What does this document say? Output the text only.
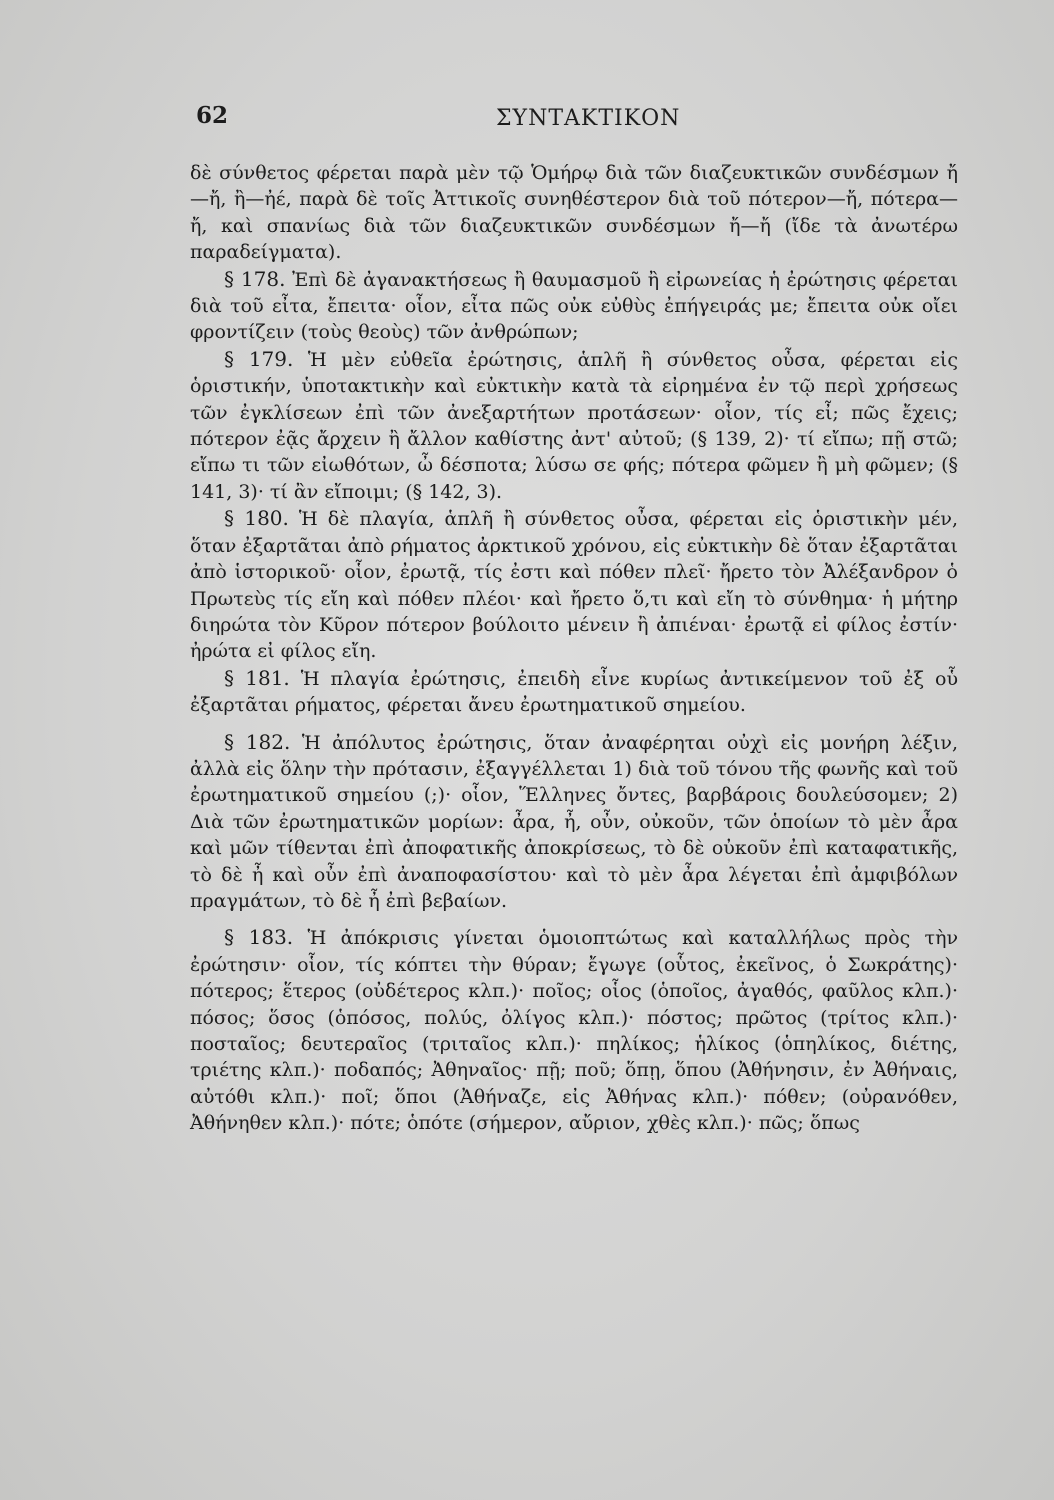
62	ΣΥΝΤΑΚΤΙΚΟΝ

δὲ σύνθετος φέρεται παρὰ μὲν τῷ Ὁμήρῳ διὰ τῶν διαζευκτικῶν συνδέσμων ἤ—ἤ, ἢ—ἠέ, παρὰ δὲ τοῖς Ἀττικοῖς συνηθέστερον διὰ τοῦ πότερον—ἤ, πότερα—ἤ, καὶ σπανίως διὰ τῶν διαζευκτικῶν συνδέσμων ἤ—ἤ (ἴδε τὰ ἀνωτέρω παραδείγματα).

§ 178. Ἐπὶ δὲ ἀγανακτήσεως ἢ θαυμασμοῦ ἢ εἰρωνείας ἡ ἐρώτησις φέρεται διὰ τοῦ εἶτα, ἔπειτα· οἷον, εἶτα πῶς οὐκ εὐθὺς ἐπήγειράς με; ἔπειτα οὐκ οἴει φροντίζειν (τοὺς θεοὺς) τῶν ἀνθρώπων;

§ 179. Ἡ μὲν εὐθεῖα ἐρώτησις, ἁπλῆ ἢ σύνθετος οὖσα, φέρεται εἰς ὁριστικήν, ὑποτακτικὴν καὶ εὐκτικὴν κατὰ τὰ εἰρημένα ἐν τῷ περὶ χρήσεως τῶν ἐγκλίσεων ἐπὶ τῶν ἀνεξαρτήτων προτάσεων· οἷον, τίς εἶ; πῶς ἔχεις; πότερον ἐᾷς ἄρχειν ἢ ἄλλον καθίστης ἀντ' αὐτοῦ; (§ 139, 2)· τί εἴπω; πῇ στῶ; εἴπω τι τῶν εἰωθότων, ὦ δέσποτα; λύσω σε φής; πότερα φῶμεν ἢ μὴ φῶμεν; (§ 141, 3)· τί ἂν εἴποιμι; (§ 142, 3).

§ 180. Ἡ δὲ πλαγία, ἁπλῆ ἢ σύνθετος οὖσα, φέρεται εἰς ὁριστικὴν μέν, ὅταν ἐξαρτᾶται ἀπὸ ρήματος ἀρκτικοῦ χρόνου, εἰς εὐκτικὴν δὲ ὅταν ἐξαρτᾶται ἀπὸ ἱστορικοῦ· οἷον, ἐρωτᾷ, τίς ἐστι καὶ πόθεν πλεῖ· ἤρετο τὸν Ἀλέξανδρον ὁ Πρωτεὺς τίς εἴη καὶ πόθεν πλέοι· καὶ ἤρετο ὅ,τι καὶ εἴη τὸ σύνθημα· ἡ μήτηρ διηρώτα τὸν Κῦρον πότερον βούλοιτο μένειν ἢ ἀπιέναι· ἐρωτᾷ εἰ φίλος ἐστίν· ἠρώτα εἰ φίλος εἴη.

§ 181. Ἡ πλαγία ἐρώτησις, ἐπειδὴ εἶνε κυρίως ἀντικείμενον τοῦ ἐξ οὗ ἐξαρτᾶται ρήματος, φέρεται ἄνευ ἐρωτηματικοῦ σημείου.

§ 182. Ἡ ἀπόλυτος ἐρώτησις, ὅταν ἀναφέρηται οὐχὶ εἰς μονήρη λέξιν, ἀλλὰ εἰς ὅλην τὴν πρότασιν, ἐξαγγέλλεται 1) διὰ τοῦ τόνου τῆς φωνῆς καὶ τοῦ ἐρωτηματικοῦ σημείου (;)· οἷον, Ἕλληνες ὄντες, βαρβάροις δουλεύσομεν; 2) Διὰ τῶν ἐρωτηματικῶν μορίων: ἆρα, ἦ, οὖν, οὐκοῦν, τῶν ὁποίων τὸ μὲν ἆρα καὶ μῶν τίθενται ἐπὶ ἀποφατικῆς ἀποκρίσεως, τὸ δὲ οὐκοῦν ἐπὶ καταφατικῆς, τὸ δὲ ἦ καὶ οὖν ἐπὶ ἀναποφασίστου· καὶ τὸ μὲν ἆρα λέγεται ἐπὶ ἀμφιβόλων πραγμάτων, τὸ δὲ ἦ ἐπὶ βεβαίων.

§ 183. Ἡ ἀπόκρισις γίνεται ὁμοιοπτώτως καὶ καταλλήλως πρὸς τὴν ἐρώτησιν· οἷον, τίς κόπτει τὴν θύραν; ἔγωγε (οὗτος, ἐκεῖνος, ὁ Σωκράτης)· πότερος; ἕτερος (οὐδέτερος κλπ.)· ποῖος; οἷος (ὁποῖος, ἀγαθός, φαῦλος κλπ.)· πόσος; ὅσος (ὁπόσος, πολύς, ὀλίγος κλπ.)· πόστος; πρῶτος (τρίτος κλπ.)· ποσταῖος; δευτεραῖος (τριταῖος κλπ.)· πηλίκος; ἡλίκος (ὁπηλίκος, διέτης, τριέτης κλπ.)· ποδαπός; Ἀθηναῖος· πῇ; ποῦ; ὅπῃ, ὅπου (Ἀθήνησιν, ἐν Ἀθήναις, αὐτόθι κλπ.)· ποῖ; ὅποι (Ἀθήναζε, εἰς Ἀθήνας κλπ.)· πόθεν; (οὐρανόθεν, Ἀθήνηθεν κλπ.)· πότε; ὁπότε (σήμερον, αὔριον, χθὲς κλπ.)· πῶς; ὅπως
